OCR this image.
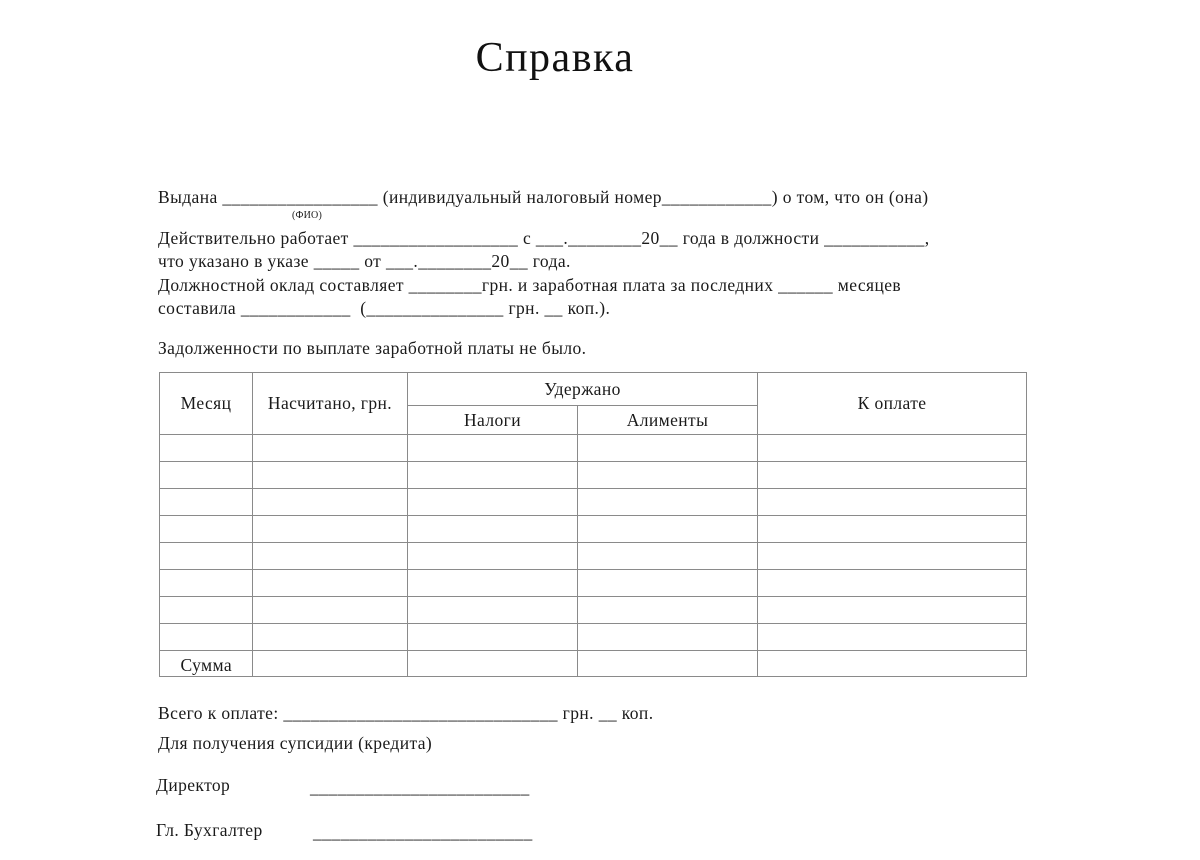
Справка
Выдана _________________ (индивидуальный налоговый номер____________) о том, что он (она)
(ФИО)
Действительно работает __________________ с ___.________20__ года в должности ___________,
что указано в указе _____ от ___.________20__ года.
Должностной оклад составляет ________грн. и заработная плата за последних ______ месяцев
составила ____________  (_______________ грн. __ коп.).
Задолженности по выплате заработной платы не было.
Месяц	Насчитано, грн.	Удержано		К оплате
		Налоги	Алименты	

Сумма				
Всего к оплате: ______________________________ грн. __ коп.
Для получения супсидии (кредита)
Директор	________________________
Гл. Бухгалтер	________________________
